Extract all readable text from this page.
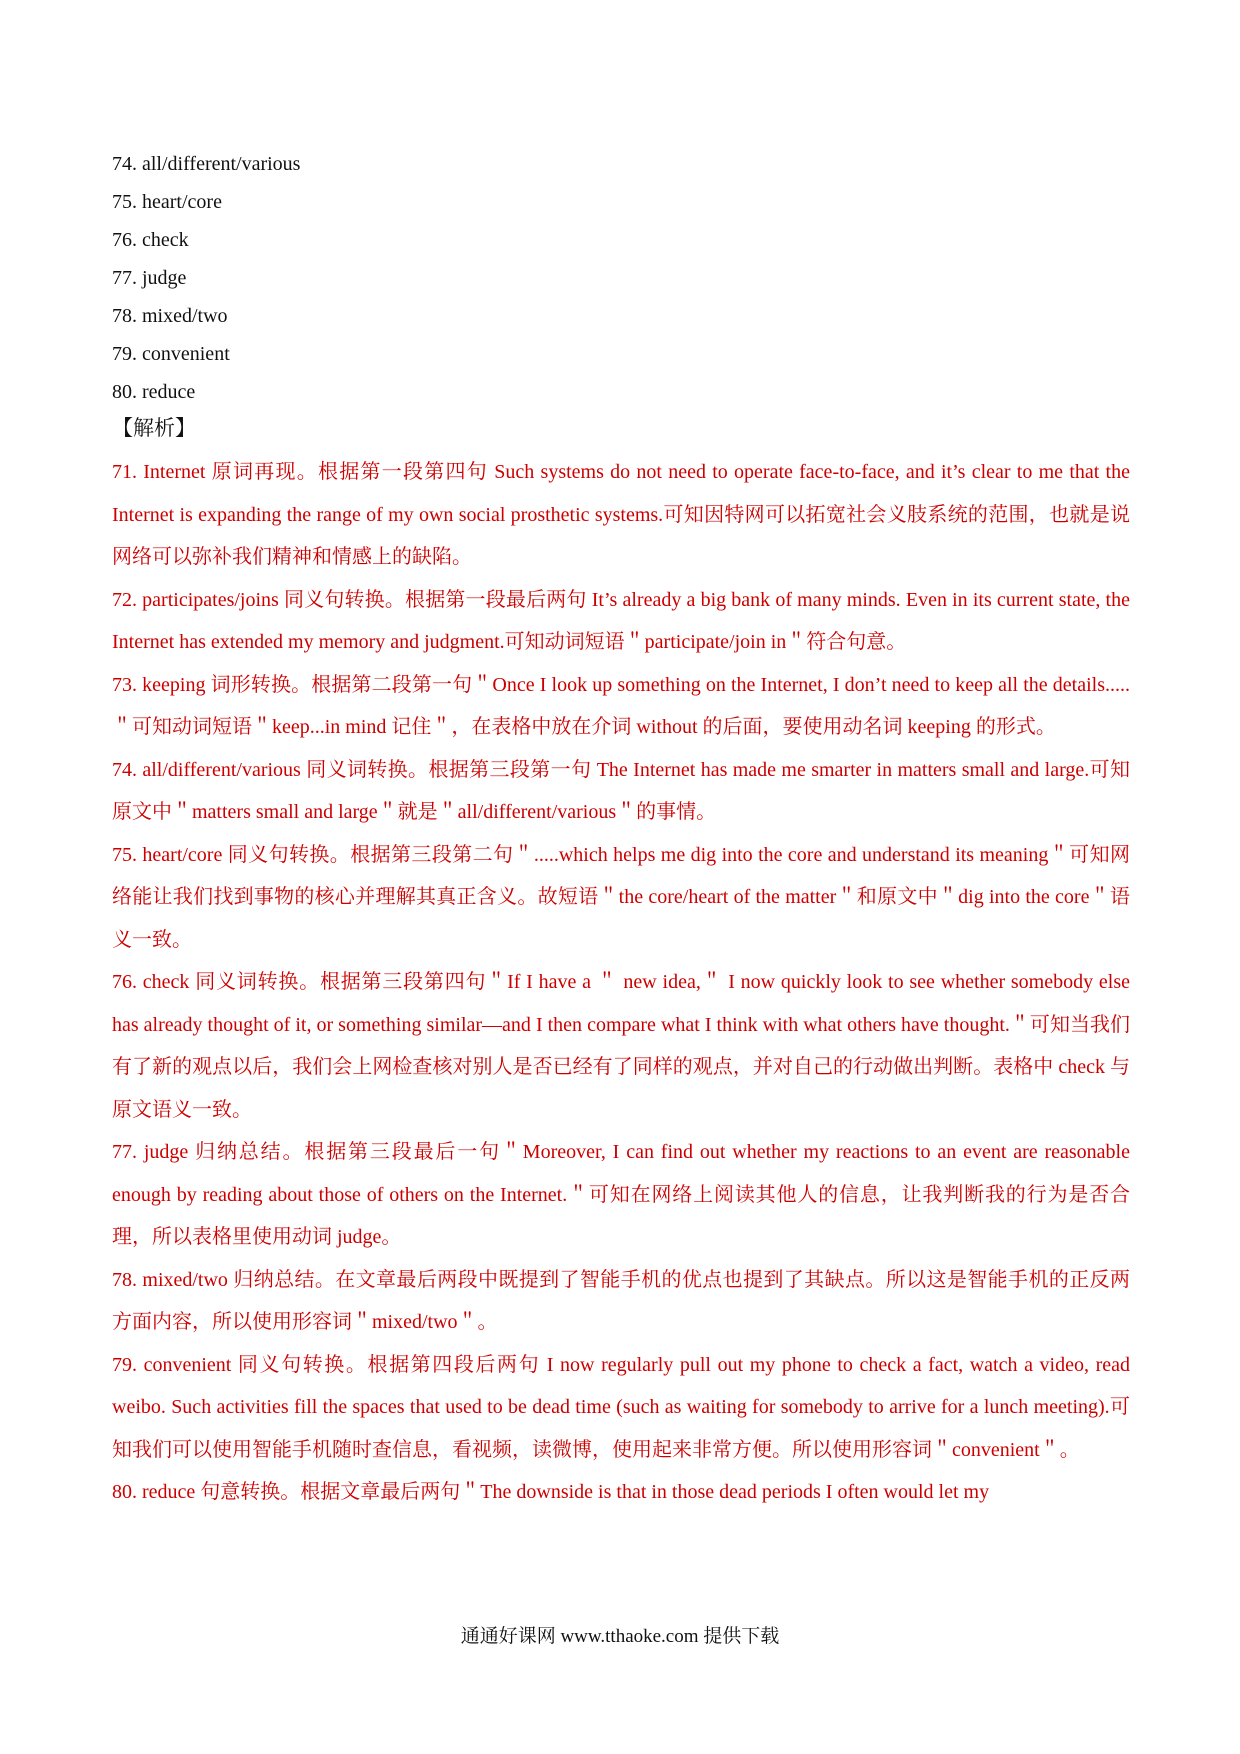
74. all/different/various
75. heart/core
76. check
77. judge
78. mixed/two
79. convenient
80. reduce
【解析】

71. Internet 原词再现。根据第一段第四句 Such systems do not need to operate face-to-face, and it’s clear to me that the Internet is expanding the range of my own social prosthetic systems.可知因特网可以拓宽社会义肢系统的范围，也就是说网络可以弥补我们精神和情感上的缺陷。

72. participates/joins 同义句转换。根据第一段最后两句 It’s already a big bank of many minds. Even in its current state, the Internet has extended my memory and judgment.可知动词短语＂participate/join in＂符合句意。

73. keeping 词形转换。根据第二段第一句＂Once I look up something on the Internet, I don’t need to keep all the details.....＂可知动词短语＂keep...in mind 记住＂，在表格中放在介词 without 的后面，要使用动名词 keeping 的形式。

74. all/different/various 同义词转换。根据第三段第一句 The Internet has made me smarter in matters small and large.可知原文中＂matters small and large＂就是＂all/different/various＂的事情。

75. heart/core 同义句转换。根据第三段第二句＂.....which helps me dig into the core and understand its meaning＂可知网络能让我们找到事物的核心并理解其真正含义。故短语＂the core/heart of the matter＂和原文中＂dig into the core＂语义一致。

76. check 同义词转换。根据第三段第四句＂If I have a ＂ new idea,＂ I now quickly look to see whether somebody else has already thought of it, or something similar—and I then compare what I think with what others have thought.＂可知当我们有了新的观点以后，我们会上网检查核对别人是否已经有了同样的观点，并对自己的行动做出判断。表格中 check 与原文语义一致。

77. judge 归纳总结。根据第三段最后一句＂Moreover, I can find out whether my reactions to an event are reasonable enough by reading about those of others on the Internet.＂可知在网络上阅读其他人的信息，让我判断我的行为是否合理，所以表格里使用动词 judge。

78. mixed/two 归纳总结。在文章最后两段中既提到了智能手机的优点也提到了其缺点。所以这是智能手机的正反两方面内容，所以使用形容词＂mixed/two＂。

79. convenient 同义句转换。根据第四段后两句 I now regularly pull out my phone to check a fact, watch a video, read weibo. Such activities fill the spaces that used to be dead time (such as waiting for somebody to arrive for a lunch meeting).可知我们可以使用智能手机随时查信息，看视频，读微博，使用起来非常方便。所以使用形容词＂convenient＂。

80. reduce 句意转换。根据文章最后两句＂The downside is that in those dead periods I often would let my

通通好课网 www.tthaoke.com 提供下载
